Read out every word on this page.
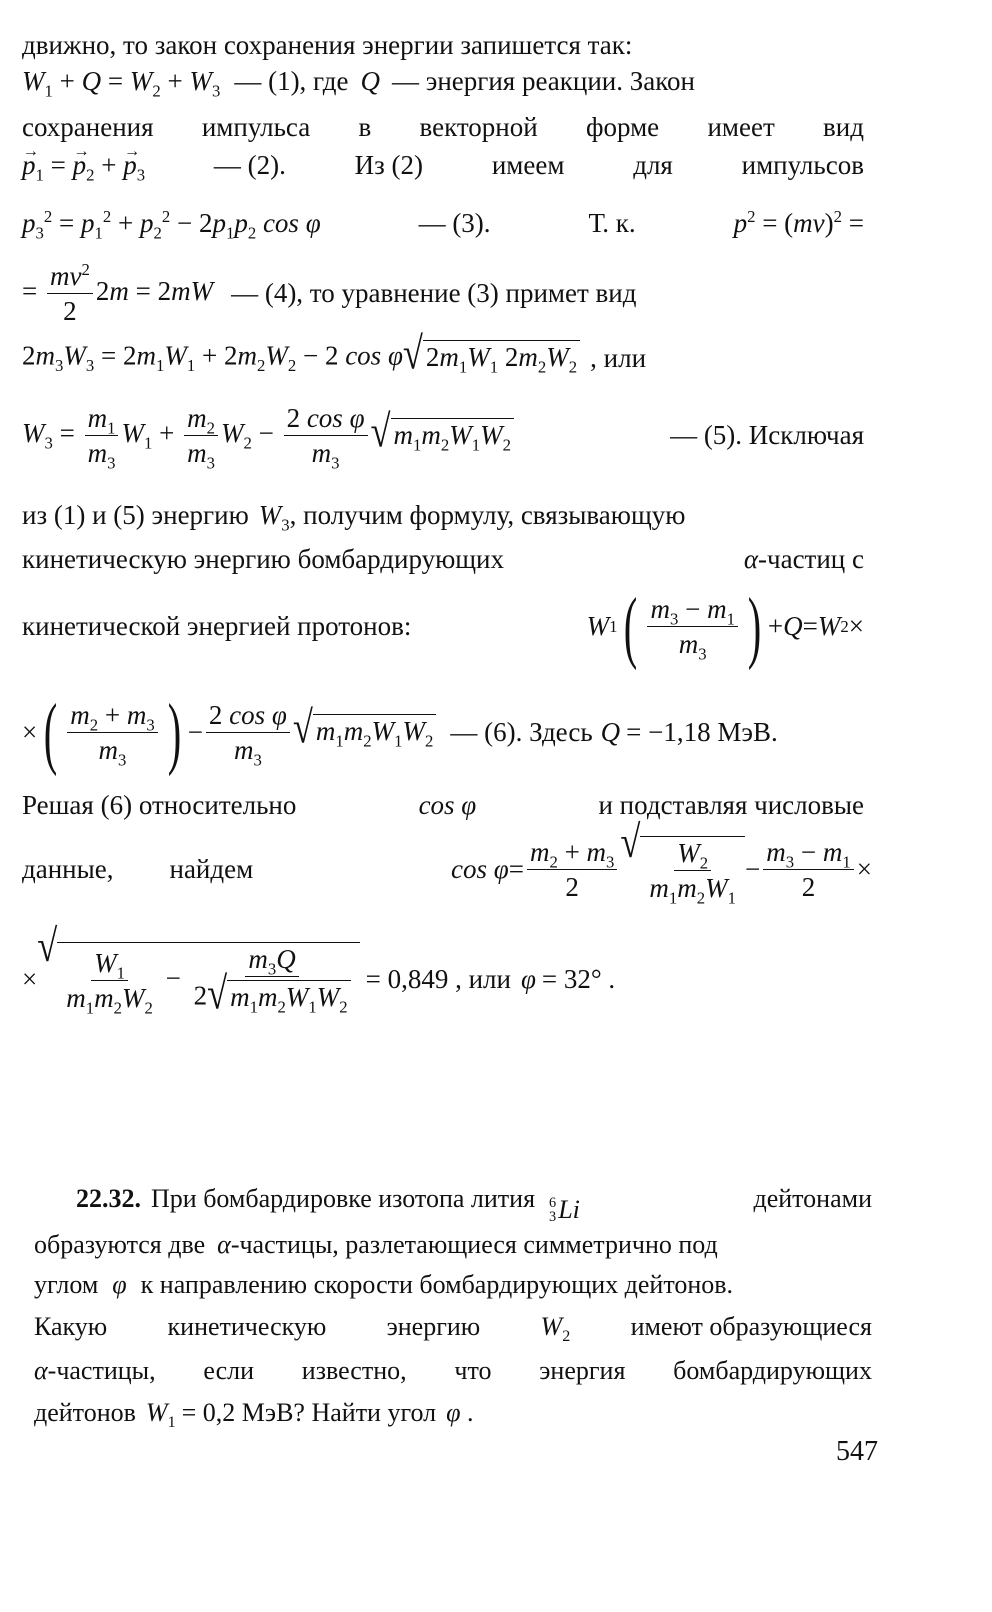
движно, то закон сохранения энергии запишется так:
$W_1 + Q = W_2 + W_3$ — (1), где Q — энергия реакции. Закон
сохранения импульса в векторной форме имеет вид
→ $p_1$ = → $p_2$ + → $p_3$	— (2).	Из (2)	имеем	для	импульсов
$p_3^2 = p_1^2 + p_2^2 - 2p_1p_2$ cos φ	— (3).	Т. к.	$p^2 = (mv)^2$ =
= $\frac{mv^2}{2} 2m = 2mW$ — (4), то уравнение (3) примет вид
$2m_3W_3 = 2m_1W_1 + 2m_2W_2 - 2$ cos φ √ $2m_1W_1$ $2m_2W_2$ , или
$W_3 = \frac{m_1}{m_3} W_1 + \frac{m_2}{m_3} W_2 - \frac{\text{2 cos φ}}{m_3}$ √ $m_1m_2W_1W_2$	— (5). Исключая
из (1) и (5) энергию $W_3$ , получим формулу, связывающую
кинетическую энергию бомбардирующих	α -частиц с
кинетической энергией протонов:	W 1 ( $\frac{m_3 - m_1}{m_3}$ ) + Q = W 2 ×
× ( $\frac{m_2 + m_3}{m_3}$ ) − $\frac{\text{2 cos φ}}{m_3}$ √ $m_1m_2W_1W_2$ — (6). Здесь Q = −1,18 МэВ.
Решая (6) относительно	cos φ	и подставляя числовые
данные, найдем	$\cos \varphi = \frac{m_2 + m_3}{2}$ √ $\frac{W_2}{m_1m_2W_1} - \frac{m_3 - m_1}{2}$ ×
×
√
$\frac{W_1}{m_1m_2W_2} - \frac{m_3Q}{2 √ m_1m_2W_1W_2} = 0,849$ , или φ = 32° .
22.32. При бомбардировке изотопа лития 6
3 Li	дейтонами
образуются две α -частицы, разлетающиеся симметрично под
углом φ к направлению скорости бомбардирующих дейтонов.
Какую кинетическую энергию $W_2$ имеют образующиеся
α-частицы, если известно, что энергия бомбардирующих
дейтонов $W_1 = 0,2$ МэВ? Найти угол φ .
547
